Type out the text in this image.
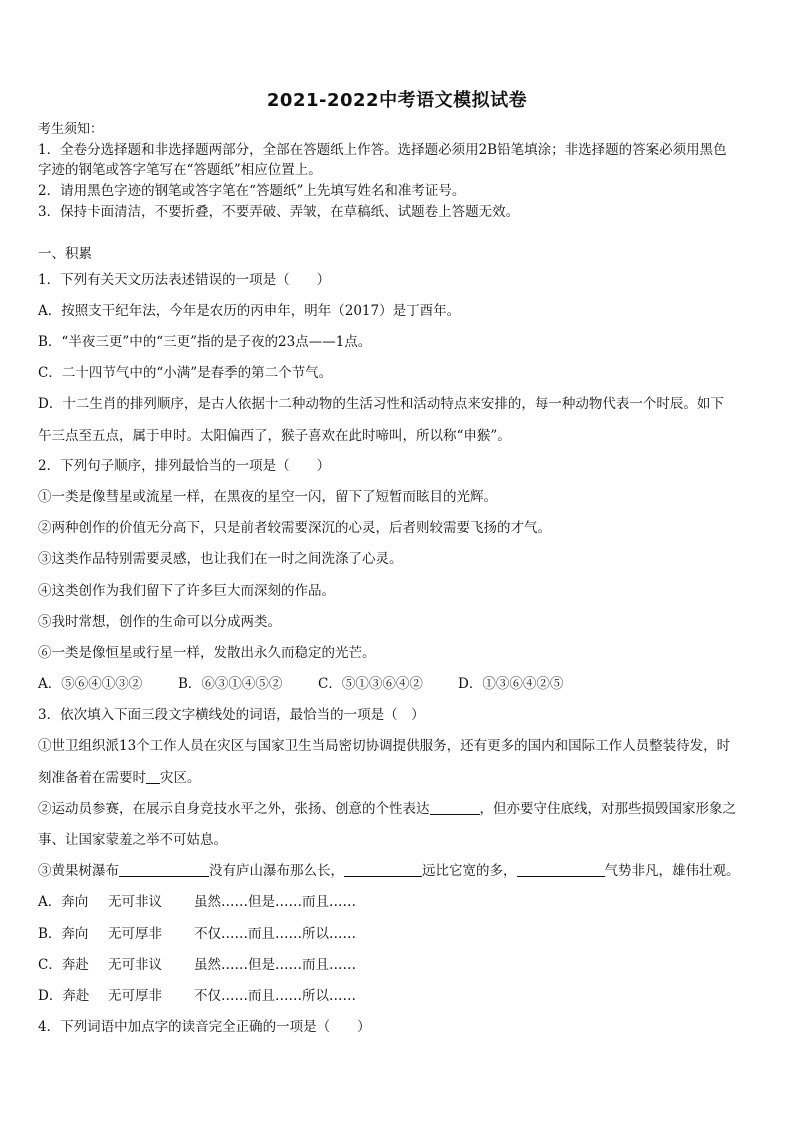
2021-2022中考语文模拟试卷
考生须知：
1．全卷分选择题和非选择题两部分，全部在答题纸上作答。选择题必须用2B铅笔填涂；非选择题的答案必须用黑色
字迹的钢笔或答字笔写在“答题纸”相应位置上。
2．请用黑色字迹的钢笔或答字笔在“答题纸”上先填写姓名和准考证号。
3．保持卡面清洁，不要折叠，不要弄破、弄皱，在草稿纸、试题卷上答题无效。
一、积累
1．下列有关天文历法表述错误的一项是（　　）
A．按照支干纪年法，今年是农历的丙申年，明年（2017）是丁酉年。
B．“半夜三更”中的“三更”指的是子夜的23点——1点。
C．二十四节气中的“小满”是春季的第二个节气。
D．十二生肖的排列顺序，是古人依据十二种动物的生活习性和活动特点来安排的，每一种动物代表一个时辰。如下
午三点至五点，属于申时。太阳偏西了，猴子喜欢在此时啼叫，所以称“申猴”。
2．下列句子顺序，排列最恰当的一项是（　　）
①一类是像彗星或流星一样，在黑夜的星空一闪，留下了短暂而眩目的光辉。
②两种创作的价值无分高下，只是前者较需要深沉的心灵，后者则较需要飞扬的才气。
③这类作品特别需要灵感，也让我们在一时之间洗涤了心灵。
④这类创作为我们留下了许多巨大而深刻的作品。
⑤我时常想，创作的生命可以分成两类。
⑥一类是像恒星或行星一样，发散出永久而稳定的光芒。
A．⑤⑥④①③②	B．⑥③①④⑤②	C．⑤①③⑥④②	D．①③⑥④②⑤
3．依次填入下面三段文字横线处的词语，最恰当的一项是（　）
①世卫组织派13个工作人员在灾区与国家卫生当局密切协调提供服务，还有更多的国内和国际工作人员整装待发，时
刻准备着在需要时 灾区。
②运动员参赛，在展示自身竞技水平之外，张扬、创意的个性表达	，但亦要守住底线，对那些损毁国家形象之
事、让国家蒙羞之举不可姑息。
③黄果树瀑布	没有庐山瀑布那么长，	远比它宽的多，	气势非凡，雄伟壮观。
A．奔向 无可非议 虽然……但是……而且……
B．奔向 无可厚非 不仅……而且……所以……
C．奔赴 无可非议 虽然……但是……而且……
D．奔赴 无可厚非 不仅……而且……所以……
4．下列词语中加点字的读音完全正确的一项是（　　）
